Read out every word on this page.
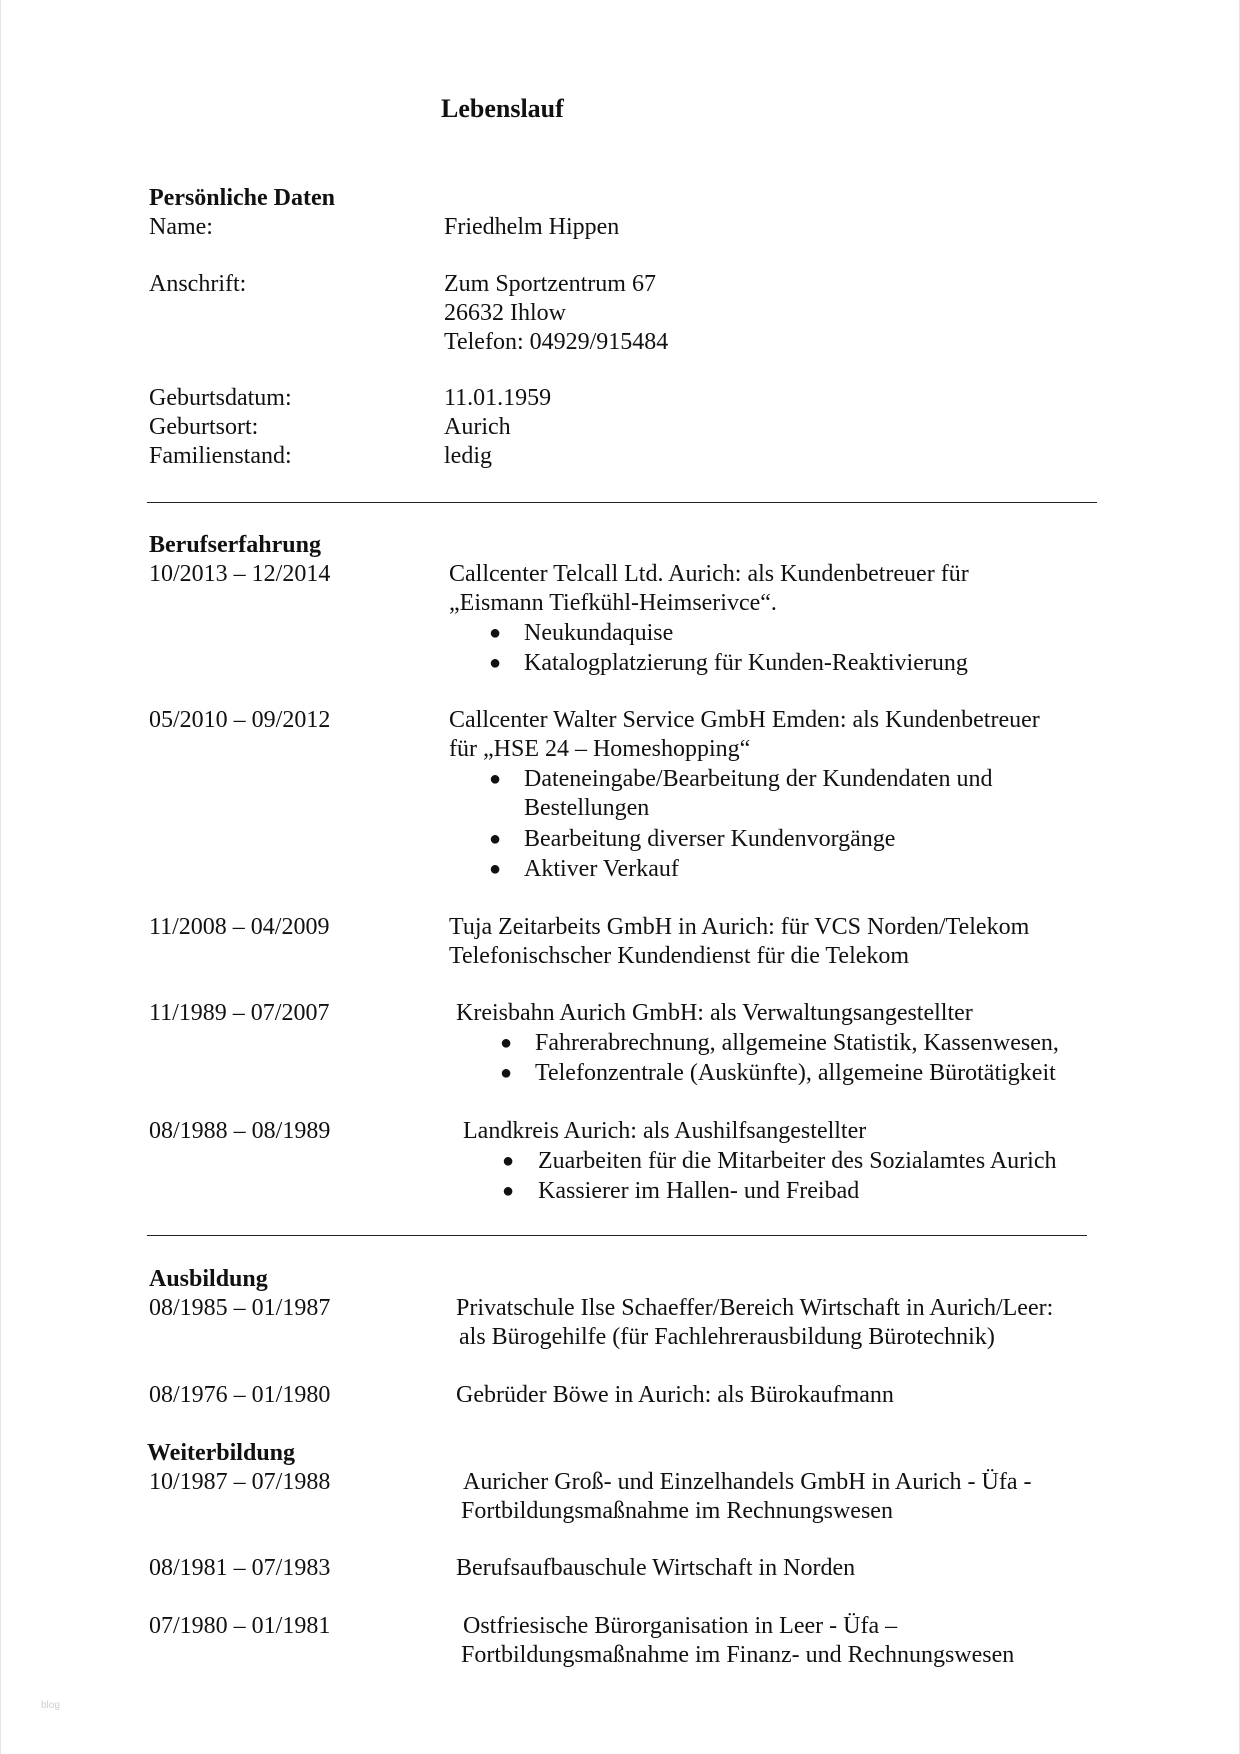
Lebenslauf
Persönliche Daten
Name:	Friedhelm Hippen
Anschrift:	Zum Sportzentrum 67
26632 Ihlow
Telefon: 04929/915484
Geburtsdatum:	11.01.1959
Geburtsort:	Aurich
Familienstand:	ledig
Berufserfahrung
10/2013 – 12/2014	Callcenter Telcall Ltd. Aurich: als Kundenbetreuer für
„Eismann Tiefkühl-Heimserivce“.
● Neukundaquise
● Katalogplatzierung für Kunden-Reaktivierung
05/2010 – 09/2012	Callcenter Walter Service GmbH Emden: als Kundenbetreuer
für „HSE 24 – Homeshopping“
● Dateneingabe/Bearbeitung der Kundendaten und
Bestellungen
● Bearbeitung diverser Kundenvorgänge
● Aktiver Verkauf
11/2008 – 04/2009	Tuja Zeitarbeits GmbH in Aurich: für VCS Norden/Telekom
Telefonischscher Kundendienst für die Telekom
11/1989 – 07/2007	Kreisbahn Aurich GmbH: als Verwaltungsangestellter
● Fahrerabrechnung, allgemeine Statistik, Kassenwesen,
● Telefonzentrale (Auskünfte), allgemeine Bürotätigkeit
08/1988 – 08/1989	Landkreis Aurich: als Aushilfsangestellter
● Zuarbeiten für die Mitarbeiter des Sozialamtes Aurich
● Kassierer im Hallen- und Freibad
Ausbildung
08/1985 – 01/1987	Privatschule Ilse Schaeffer/Bereich Wirtschaft in Aurich/Leer:
als Bürogehilfe (für Fachlehrerausbildung Bürotechnik)
08/1976 – 01/1980	Gebrüder Böwe in Aurich: als Bürokaufmann
Weiterbildung
10/1987 – 07/1988	Auricher Groß- und Einzelhandels GmbH in Aurich - Üfa -
Fortbildungsmaßnahme im Rechnungswesen
08/1981 – 07/1983	Berufsaufbauschule Wirtschaft in Norden
07/1980 – 01/1981	Ostfriesische Bürorganisation in Leer - Üfa –
Fortbildungsmaßnahme im Finanz- und Rechnungswesen
blog
